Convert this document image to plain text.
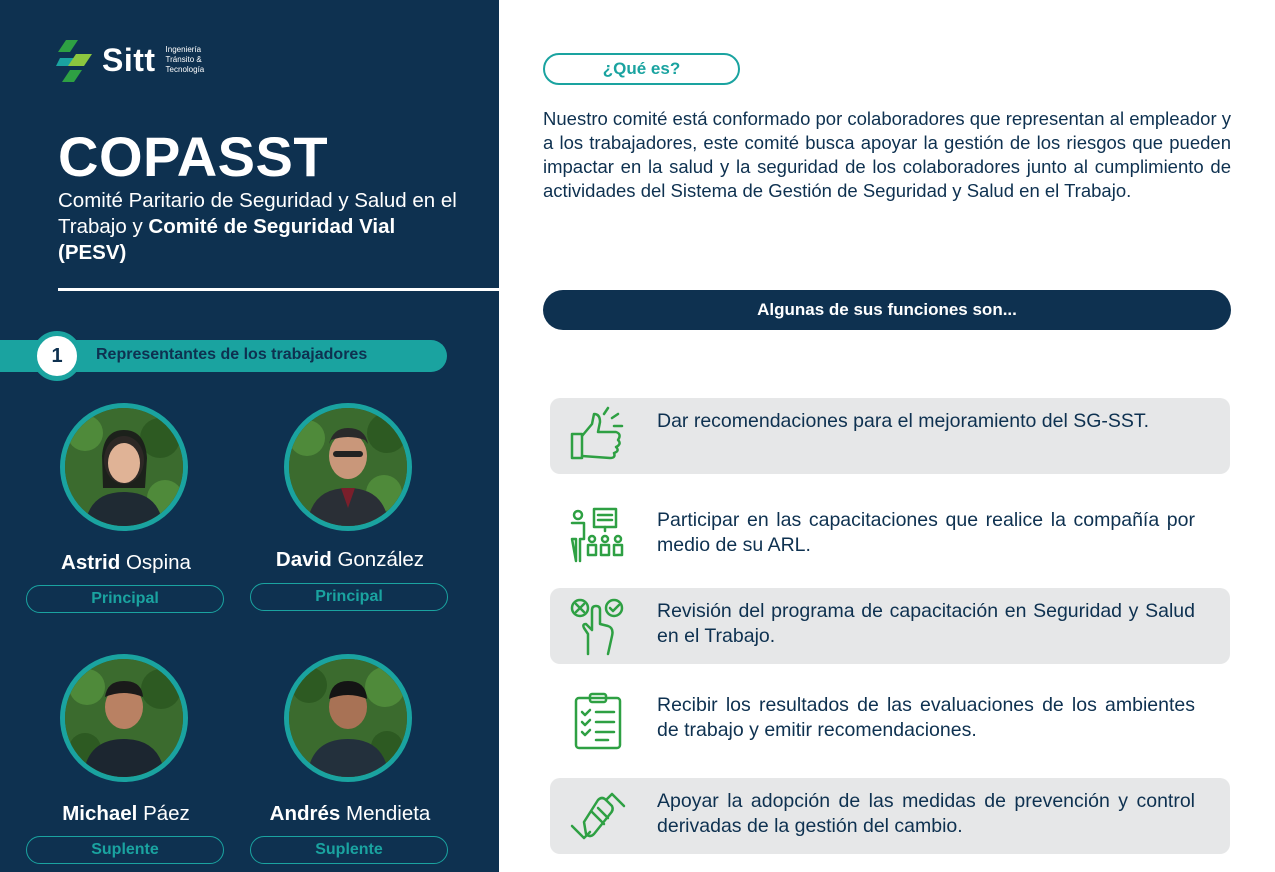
Sitt Ingeniería
Tránsito &
Tecnología
COPASST
Comité Paritario de Seguridad y Salud en el Trabajo y Comité de Seguridad Vial (PESV)
Representantes de los trabajadores
1
Astrid Ospina
Principal
David González
Principal
Michael Páez
Suplente
Andrés Mendieta
Suplente
¿Qué es?

Nuestro comité está conformado por colaboradores que representan al empleador y a los trabajadores, este comité busca apoyar la gestión de los riesgos que pueden impactar en la salud y la seguridad de los colaboradores junto al cumplimiento de actividades del Sistema de Gestión de Seguridad y Salud en el Trabajo.

Algunas de sus funciones son...
Dar recomendaciones para el mejoramiento del SG-SST.
Participar en las capacitaciones que realice la compañía por medio de su ARL.
Revisión del programa de capacitación en Seguridad y Salud en el Trabajo.
Recibir los resultados de las evaluaciones de los ambientes de trabajo y emitir recomendaciones.
Apoyar la adopción de las medidas de prevención y control derivadas de la gestión del cambio.
